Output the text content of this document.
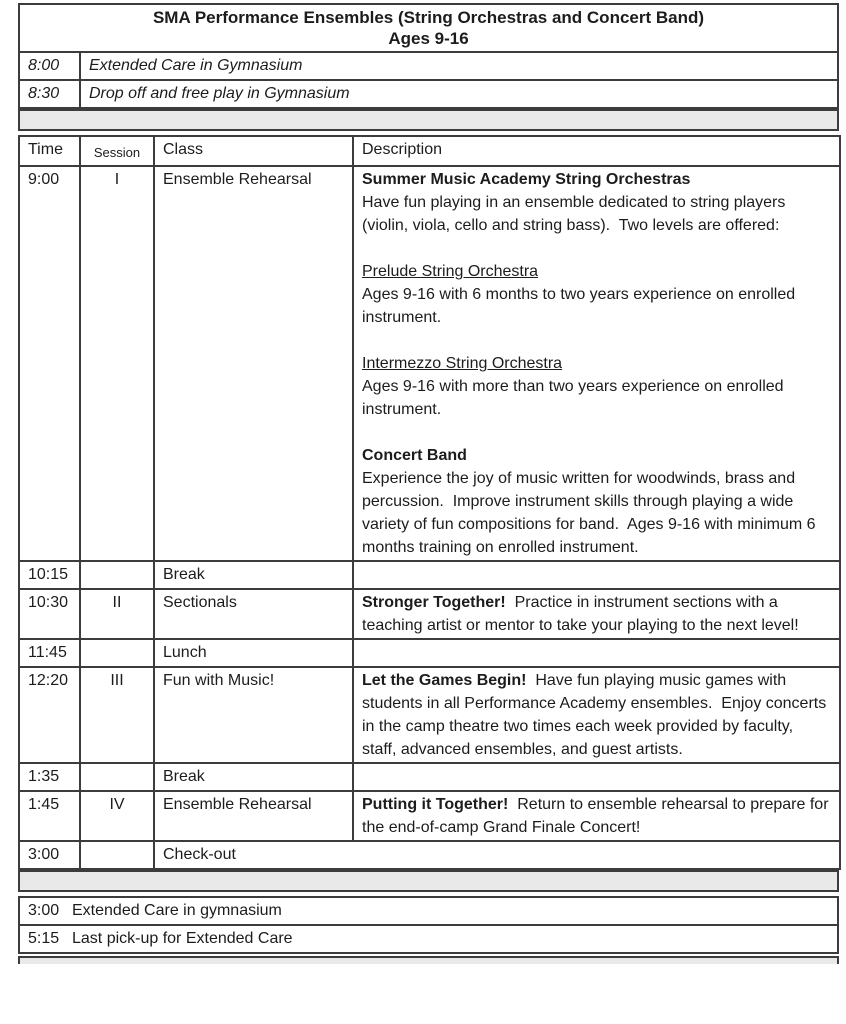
SMA Performance Ensembles (String Orchestras and Concert Band)
Ages 9-16	

8:00	Extended Care in Gymnasium
8:30	Drop off and free play in Gymnasium
Time	Session	Class	Description
9:00	I	Ensemble Rehearsal	Summer Music Academy String Orchestras

Have fun playing in an ensemble dedicated to string players (violin, viola, cello and string bass).  Two levels are offered:

Prelude String Orchestra

Ages 9-16 with 6 months to two years experience on enrolled instrument.

Intermezzo String Orchestra

Ages 9-16 with more than two years experience on enrolled instrument.

Concert Band

Experience the joy of music written for woodwinds, brass and percussion.  Improve instrument skills through playing a wide variety of fun compositions for band.  Ages 9-16 with minimum 6 months training on enrolled instrument.

10:15		Break	
10:30	II	Sectionals	Stronger Together!  Practice in instrument sections with a teaching artist or mentor to take your playing to the next level!

11:45		Lunch	
12:20	III	Fun with Music!	Let the Games Begin!  Have fun playing music games with students in all Performance Academy ensembles.  Enjoy concerts in the camp theatre two times each week provided by faculty, staff, advanced ensembles, and guest artists.

1:35		Break	
1:45	IV	Ensemble Rehearsal	Putting it Together!  Return to ensemble rehearsal to prepare for the end-of-camp Grand Finale Concert!

3:00		Check-out	
3:00 Extended Care in gymnasium
5:15 Last pick-up for Extended Care
